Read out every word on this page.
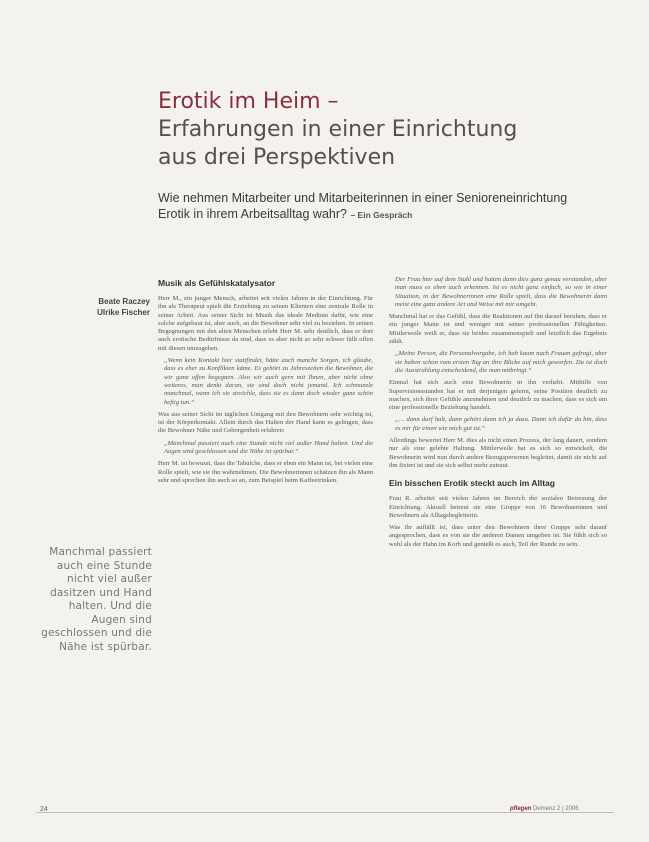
Erotik im Heim –
Erfahrungen in einer Einrichtung
aus drei Perspektiven
Wie nehmen Mitarbeiter und Mitarbeiterinnen in einer Senioreneinrichtung Erotik in ihrem Arbeitsalltag wahr? – Ein Gespräch
Beate Raczey
Ulrike Fischer
Musik als Gefühlskatalysator

Herr M., ein junger Mensch, arbeitet seit vielen Jahren in der Einrichtung. Für ihn als Therapeut spielt die Erziehung zu seinen Klienten eine zentrale Rolle in seiner Arbeit. Aus seiner Sicht ist Musik das ideale Medium dafür, wie eine solche aufgebaut ist, aber auch, an die Bewohner sehr viel zu beziehen. In seinen Begegnungen mit den alten Menschen erlebt Herr M. sehr deutlich, dass er dort auch erotische Bedürfnisse da sind, dass es aber nicht so sehr schwer fällt offen mit diesen umzugehen.

„Wenn kein Kontakt hier stattfindet, hätte auch manche Sorgen, ich glaube, dass es eher zu Konflikten käme. Es gehört zu Jahreszeiten die Bewohner, die wir ganz offen begegnen. Also wir auch gern mit Ihnen, aber nicht ohne weiteres, man denkt daran, sie sind doch nicht jemand. Ich schmunzle manchmal, wenn ich sie streichle, dass sie es dann doch wieder ganz schön heftig tun.“

Was aus seiner Sicht im täglichen Umgang mit den Bewohnern sehr wichtig ist, ist der Körperkontakt. Allein durch das Halten der Hand kann es gelingen, dass die Bewohner Nähe und Geborgenheit erfahren:

„Manchmal passiert auch eine Stunde nicht viel außer Hand halten. Und die Augen sind geschlossen und die Nähe ist spürbar.“

Herr M. ist bewusst, dass die Tabuiche, dass er eben ein Mann ist, bei vielen eine Rolle spielt, wie sie ihn wahrnehmen. Die Bewohnerinnen schätzen ihn als Mann sehr und sprechen ihn auch so an, zum Beispiel beim Kaffeetrinken.

Der Frau hier auf dem Stuhl und hatten dann dies ganz genau verstanden, aber man muss es eben auch erkennen. Ist es nicht ganz einfach, so wie in einer Situation, in der Bewohnerinnen eine Rolle spielt, dass die Bewohnerin dann meist eine ganz andere Art und Weise mit mir umgeht.

Manchmal hat er das Gefühl, dass die Reaktionen auf ihn darauf beruhen, dass er ein junger Mann ist und weniger mit seiner professionellen Fähigkeiten. Mittlerweile weiß er, dass sie beides zusammenspielt und letztlich das Ergebnis zählt.

„Meine Person, die Personalvorgabe, ich hab kaum nach Frauen gefragt, aber sie haben schon vom ersten Tag an ihre Blicke auf mich geworfen. Da ist doch die Ausstrahlung entscheidend, die man mitbringt.“

Einmal hat sich auch eine Bewohnerin in ihn verliebt. Mithilfe von Supervisionsstunden hat er mit derjenigen gelernt, seine Position deutlich zu machen, sich ihrer Gefühle anzunehmen und deutlich zu machen, dass es sich um eine professionelle Beziehung handelt.

„… dann darf halt, dann gehört dann ich ja dazu. Dann ich dafür da bin, dass es mir für einen wie mich gut ist.“

Allerdings bewertet Herr M. dies als nicht einen Prozess, der lang dauert, sondern nur als eine gelebte Haltung. Mittlerweile hat es sich so entwickelt, die Bewohnerin wird nun durch andere Bezugspersonen begleitet, damit sie nicht auf ihn fixiert ist und sie sich selbst mehr zutraut.

Ein bisschen Erotik steckt auch im Alltag

Frau R. arbeitet seit vielen Jahren im Bereich der sozialen Betreuung der Einrichtung. Aktuell betreut sie eine Gruppe von 16 Bewohnerinnen und Bewohnern als Alltagsbegleiterin.

Was ihr auffällt ist, dass unter den Bewohnern ihrer Gruppe sehr darauf angesprochen, dass es von sie die anderen Damen umgeben ist. Sie fühlt sich so wohl als der Hahn im Korb und genießt es auch, Teil der Runde zu sein.

Manchmal passiert auch eine Stunde nicht viel außer dasitzen und Hand halten. Und die Augen sind geschlossen und die Nähe ist spürbar.
24	pflegen Demenz 2 | 2006
